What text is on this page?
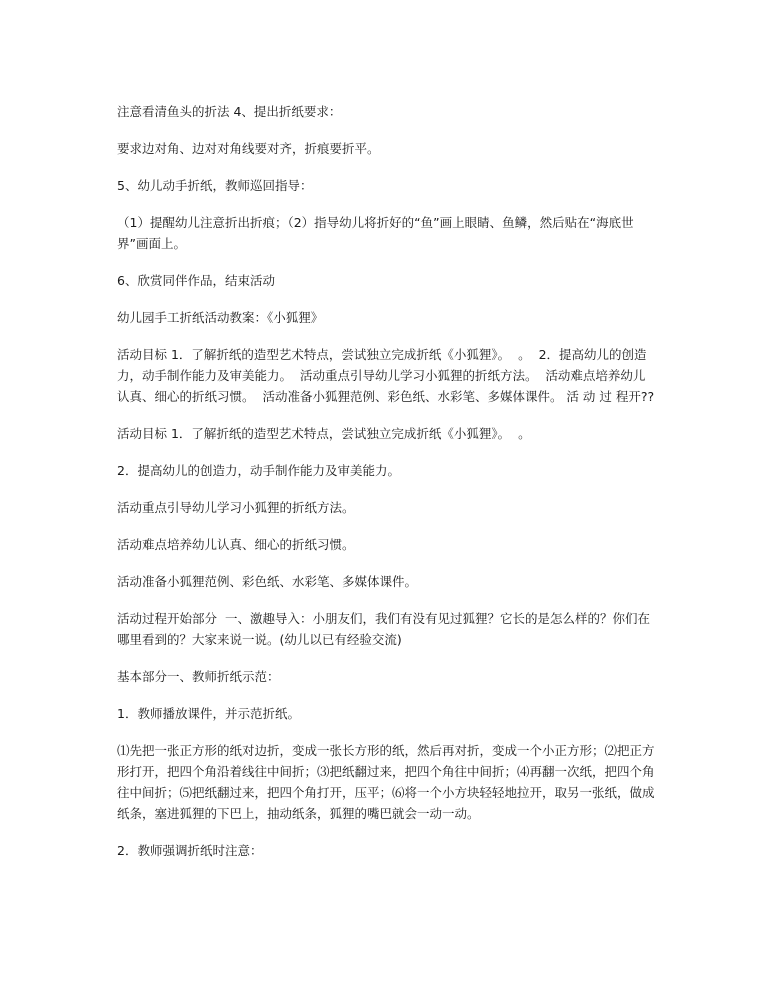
注意看清鱼头的折法 4、提出折纸要求：

要求边对角、边对对角线要对齐，折痕要折平。

5、幼儿动手折纸，教师巡回指导：

（1）提醒幼儿注意折出折痕；（2）指导幼儿将折好的“鱼”画上眼睛、鱼鳞，然后贴在“海底世界”画面上。

6、欣赏同伴作品，结束活动

幼儿园手工折纸活动教案：《小狐狸》

活动目标 1．了解折纸的造型艺术特点，尝试独立完成折纸《小狐狸》。  。  2．提高幼儿的创造力，动手制作能力及审美能力。  活动重点引导幼儿学习小狐狸的折纸方法。  活动难点培养幼儿认真、细心的折纸习惯。  活动准备小狐狸范例、彩色纸、水彩笔、多媒体课件。 活 动 过 程开??

活动目标 1．了解折纸的造型艺术特点，尝试独立完成折纸《小狐狸》。  。

2．提高幼儿的创造力，动手制作能力及审美能力。

活动重点引导幼儿学习小狐狸的折纸方法。

活动难点培养幼儿认真、细心的折纸习惯。

活动准备小狐狸范例、彩色纸、水彩笔、多媒体课件。

活动过程开始部分  一、激趣导入：小朋友们，我们有没有见过狐狸？它长的是怎么样的？你们在哪里看到的？大家来说一说。(幼儿以已有经验交流)

基本部分一、教师折纸示范：

1．教师播放课件，并示范折纸。

⑴先把一张正方形的纸对边折，变成一张长方形的纸，然后再对折，变成一个小正方形；⑵把正方形打开，把四个角沿着线往中间折；⑶把纸翻过来，把四个角往中间折；⑷再翻一次纸，把四个角往中间折；⑸把纸翻过来，把四个角打开，压平；⑹将一个小方块轻轻地拉开，取另一张纸，做成纸条，塞进狐狸的下巴上，抽动纸条，狐狸的嘴巴就会一动一动。

2．教师强调折纸时注意：
